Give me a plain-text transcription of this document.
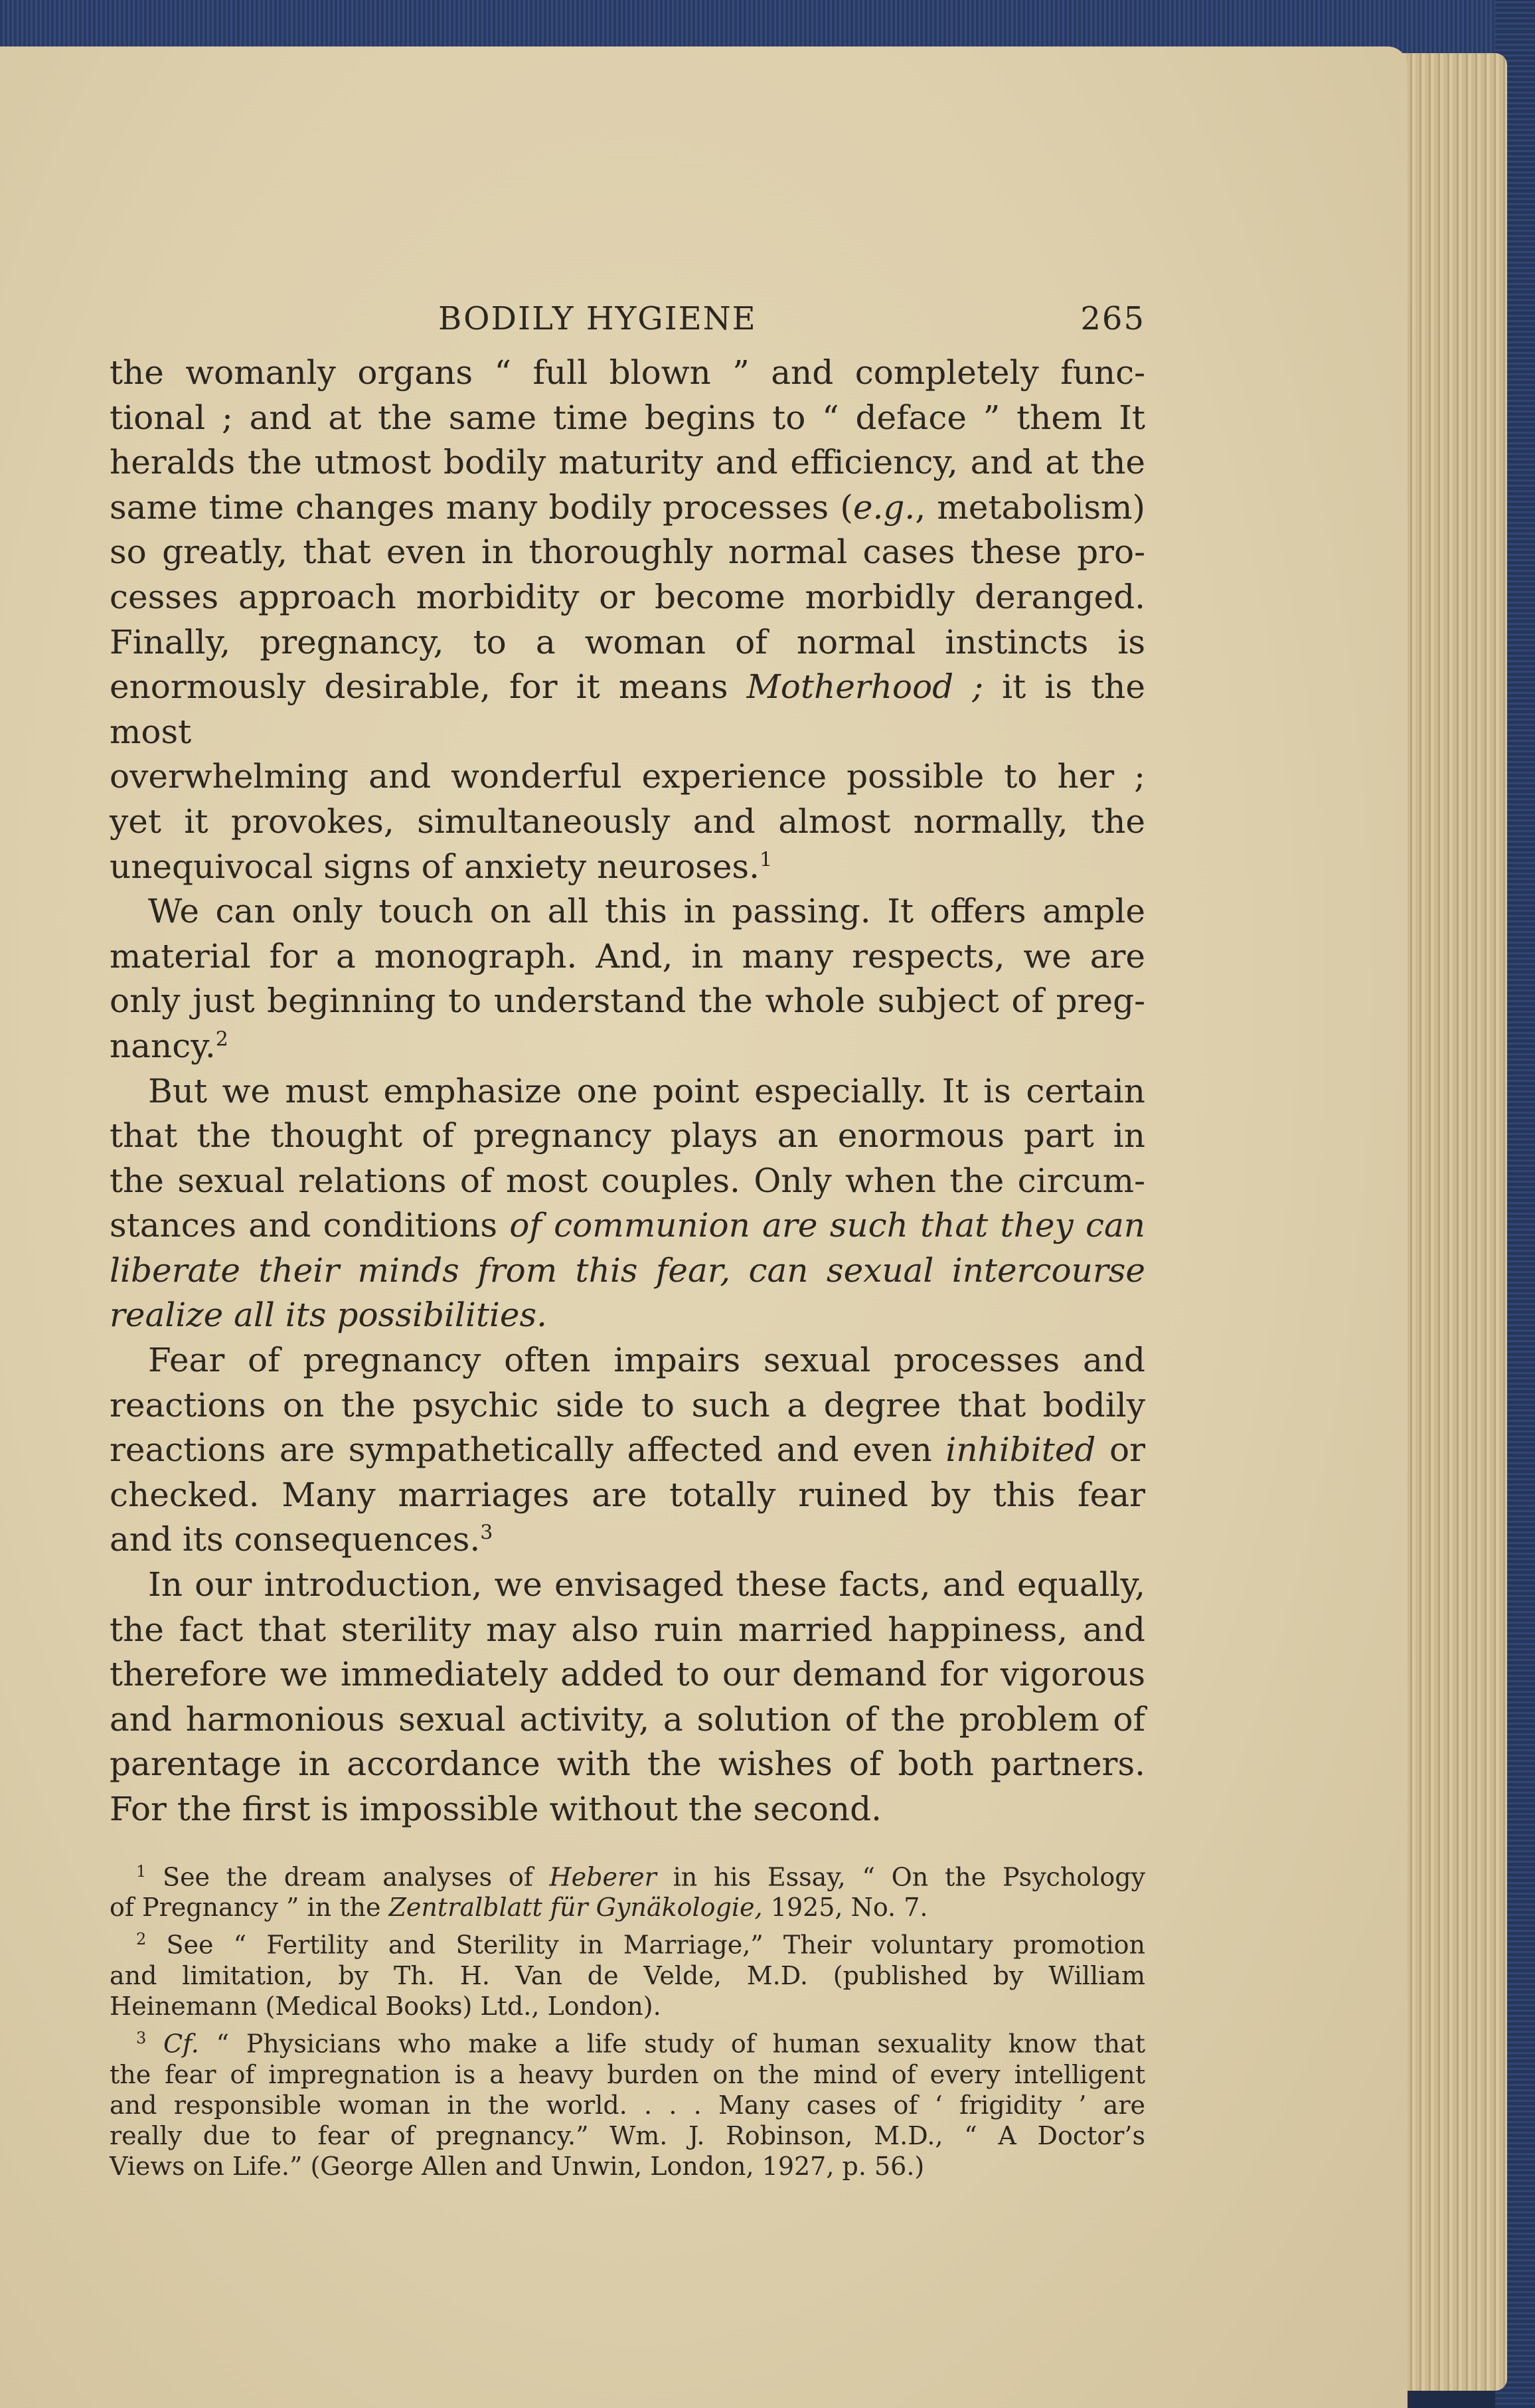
BODILY HYGIENE	265

the womanly organs “ full blown ” and completely func-
tional ; and at the same time begins to “ deface ” them It
heralds the utmost bodily maturity and efficiency, and at the
same time changes many bodily processes (e.g., metabolism)
so greatly, that even in thoroughly normal cases these pro-
cesses approach morbidity or become morbidly deranged.
Finally, pregnancy, to a woman of normal instincts is
enormously desirable, for it means Motherhood ; it is the most
overwhelming and wonderful experience possible to her ;
yet it provokes, simultaneously and almost normally, the
unequivocal signs of anxiety neuroses.$^1$

We can only touch on all this in passing. It offers ample
material for a monograph. And, in many respects, we are
only just beginning to understand the whole subject of preg-
nancy.$^2$

But we must emphasize one point especially. It is certain
that the thought of pregnancy plays an enormous part in
the sexual relations of most couples. Only when the circum-
stances and conditions of communion are such that they can
liberate their minds from this fear, can sexual intercourse
realize all its possibilities.

Fear of pregnancy often impairs sexual processes and
reactions on the psychic side to such a degree that bodily
reactions are sympathetically affected and even inhibited or
checked. Many marriages are totally ruined by this fear
and its consequences.$^3$

In our introduction, we envisaged these facts, and equally,
the fact that sterility may also ruin married happiness, and
therefore we immediately added to our demand for vigorous
and harmonious sexual activity, a solution of the problem of
parentage in accordance with the wishes of both partners.
For the first is impossible without the second.

$^1$ See the dream analyses of Heberer in his Essay, “ On the Psychology
of Pregnancy ” in the Zentralblatt für Gynäkologie, 1925, No. 7.

$^2$ See “ Fertility and Sterility in Marriage,” Their voluntary promotion
and limitation, by Th. H. Van de Velde, M.D. (published by William
Heinemann (Medical Books) Ltd., London).

$^3$ Cf. “ Physicians who make a life study of human sexuality know that
the fear of impregnation is a heavy burden on the mind of every intelligent
and responsible woman in the world. . . . Many cases of ‘ frigidity ’ are
really due to fear of pregnancy.” Wm. J. Robinson, M.D., “ A Doctor’s
Views on Life.” (George Allen and Unwin, London, 1927, p. 56.)
